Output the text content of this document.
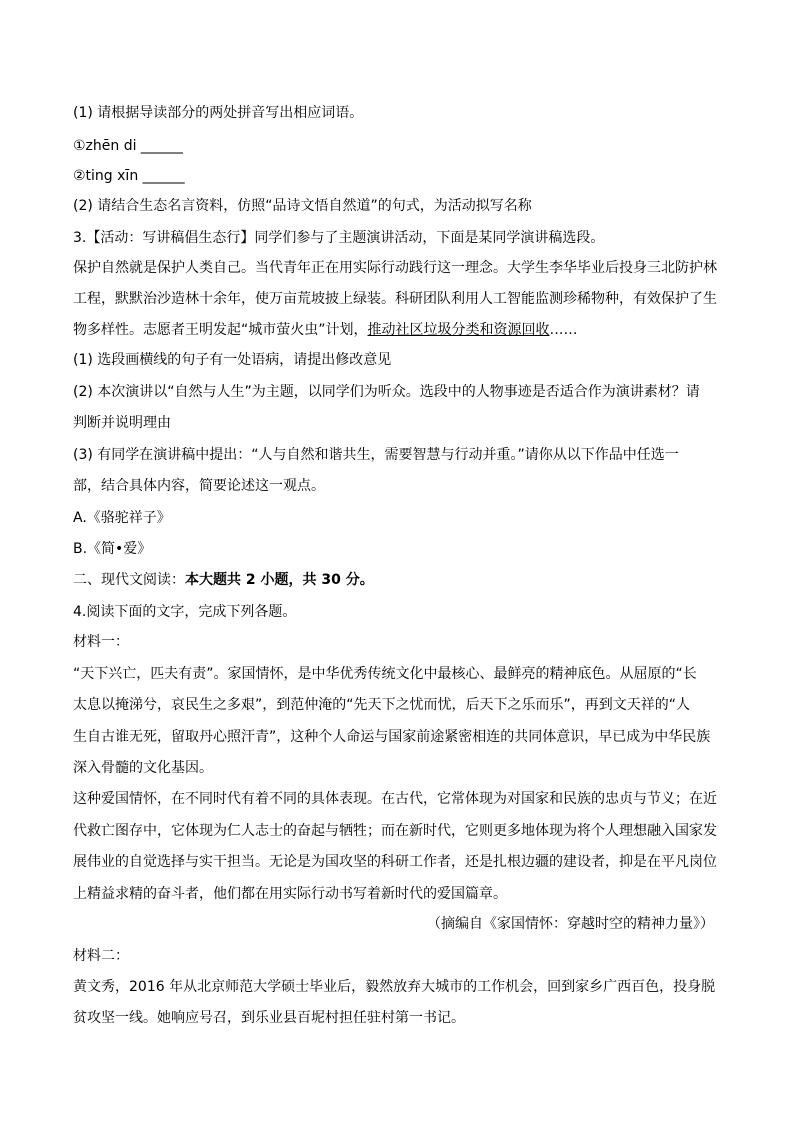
(1) 请根据导读部分的两处拼音写出相应词语。
①zhēn di ______
②ting xīn ______
(2) 请结合生态名言资料，仿照“品诗文悟自然道”的句式，为活动拟写名称
3.【活动：写讲稿倡生态行】同学们参与了主题演讲活动，下面是某同学演讲稿选段。
保护自然就是保护人类自己。当代青年正在用实际行动践行这一理念。大学生李华毕业后投身三北防护林
工程，默默治沙造林十余年，使万亩荒坡披上绿装。科研团队利用人工智能监测珍稀物种，有效保护了生
物多样性。志愿者王明发起“城市萤火虫”计划，推动社区垃圾分类和资源回收……
(1) 选段画横线的句子有一处语病，请提出修改意见
(2) 本次演讲以“自然与人生”为主题，以同学们为听众。选段中的人物事迹是否适合作为演讲素材？请
判断并说明理由
(3) 有同学在演讲稿中提出：“人与自然和谐共生，需要智慧与行动并重。”请你从以下作品中任选一
部，结合具体内容，简要论述这一观点。
A.《骆驼祥子》
B.《简•爱》
二、现代文阅读：本大题共 2 小题，共 30 分。
4.阅读下面的文字，完成下列各题。
材料一：
“天下兴亡，匹夫有责”。家国情怀，是中华优秀传统文化中最核心、最鲜亮的精神底色。从屈原的“长
太息以掩涕兮，哀民生之多艰”，到范仲淹的“先天下之忧而忧，后天下之乐而乐”，再到文天祥的“人
生自古谁无死，留取丹心照汗青”，这种个人命运与国家前途紧密相连的共同体意识，早已成为中华民族
深入骨髓的文化基因。
这种爱国情怀，在不同时代有着不同的具体表现。在古代，它常体现为对国家和民族的忠贞与节义；在近
代救亡图存中，它体现为仁人志士的奋起与牺牲；而在新时代，它则更多地体现为将个人理想融入国家发
展伟业的自觉选择与实干担当。无论是为国攻坚的科研工作者，还是扎根边疆的建设者，抑是在平凡岗位
上精益求精的奋斗者，他们都在用实际行动书写着新时代的爱国篇章。
（摘编自《家国情怀：穿越时空的精神力量》）
材料二：
黄文秀，2016 年从北京师范大学硕士毕业后，毅然放弃大城市的工作机会，回到家乡广西百色，投身脱
贫攻坚一线。她响应号召，到乐业县百坭村担任驻村第一书记。
